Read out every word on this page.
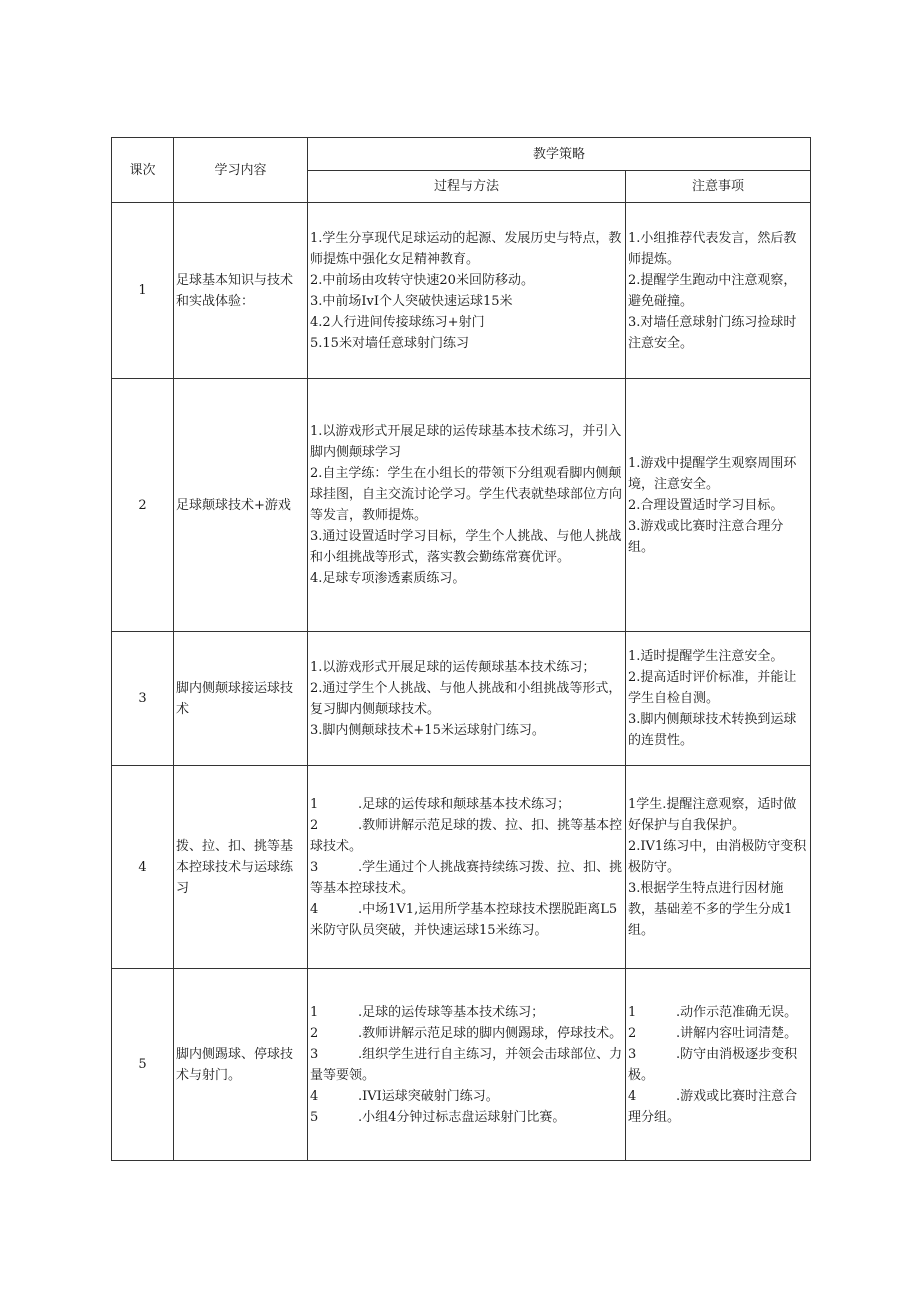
课次	学习内容	教学策略	
		过程与方法	注意事项
1	足球基本知识与技术和实战体验：	1.学生分享现代足球运动的起源、发展历史与特点，教师提炼中强化女足精神教育。
2.中前场由攻转守快速20米回防移动。
3.中前场IvI个人突破快速运球15米
4.2人行进间传接球练习+射门
5.15米对墙任意球射门练习	1.小组推荐代表发言，然后教师提炼。
2.提醒学生跑动中注意观察，避免碰撞。
3.对墙任意球射门练习捡球时注意安全。

2	足球颠球技术+游戏	1.以游戏形式开展足球的运传球基本技术练习，并引入脚内侧颠球学习
2.自主学练：学生在小组长的带领下分组观看脚内侧颠球挂图，自主交流讨论学习。学生代表就垫球部位方向等发言，教师提炼。
3.通过设置适时学习目标，学生个人挑战、与他人挑战和小组挑战等形式，落实教会勤练常赛优评。
4.足球专项渗透素质练习。	1.游戏中提醒学生观察周围环境，注意安全。
2.合理设置适时学习目标。
3.游戏或比赛时注意合理分组。

3	脚内侧颠球接运球技术	1.以游戏形式开展足球的运传颠球基本技术练习；
2.通过学生个人挑战、与他人挑战和小组挑战等形式，复习脚内侧颠球技术。
3.脚内侧颠球技术+15米运球射门练习。	1.适时提醒学生注意安全。
2.提高适时评价标准，并能让学生自检自测。
3.脚内侧颠球技术转换到运球的连贯性。

4	拨、拉、扣、挑等基本控球技术与运球练习	1 .足球的运传球和颠球基本技术练习；
2 .教师讲解示范足球的拨、拉、扣、挑等基本控球技术。
3 .学生通过个人挑战赛持续练习拨、拉、扣、挑等基本控球技术。
4 .中场1V1,运用所学基本控球技术摆脱距离L5米防守队员突破，并快速运球15米练习。	1学生.提醒注意观察，适时做好保护与自我保护。
2.IV1练习中，由消极防守变积极防守。
3.根据学生特点进行因材施教，基础差不多的学生分成1组。

5	脚内侧踢球、停球技术与射门。	1 .足球的运传球等基本技术练习；
2 .教师讲解示范足球的脚内侧踢球，停球技术。
3 .组织学生进行自主练习，并领会击球部位、力量等要领。
4 .IVI运球突破射门练习。
5 .小组4分钟过标志盘运球射门比赛。	1 .动作示范准确无误。
2 .讲解内容吐词清楚。
3 .防守由消极逐步变积极。
4 .游戏或比赛时注意合理分组。
